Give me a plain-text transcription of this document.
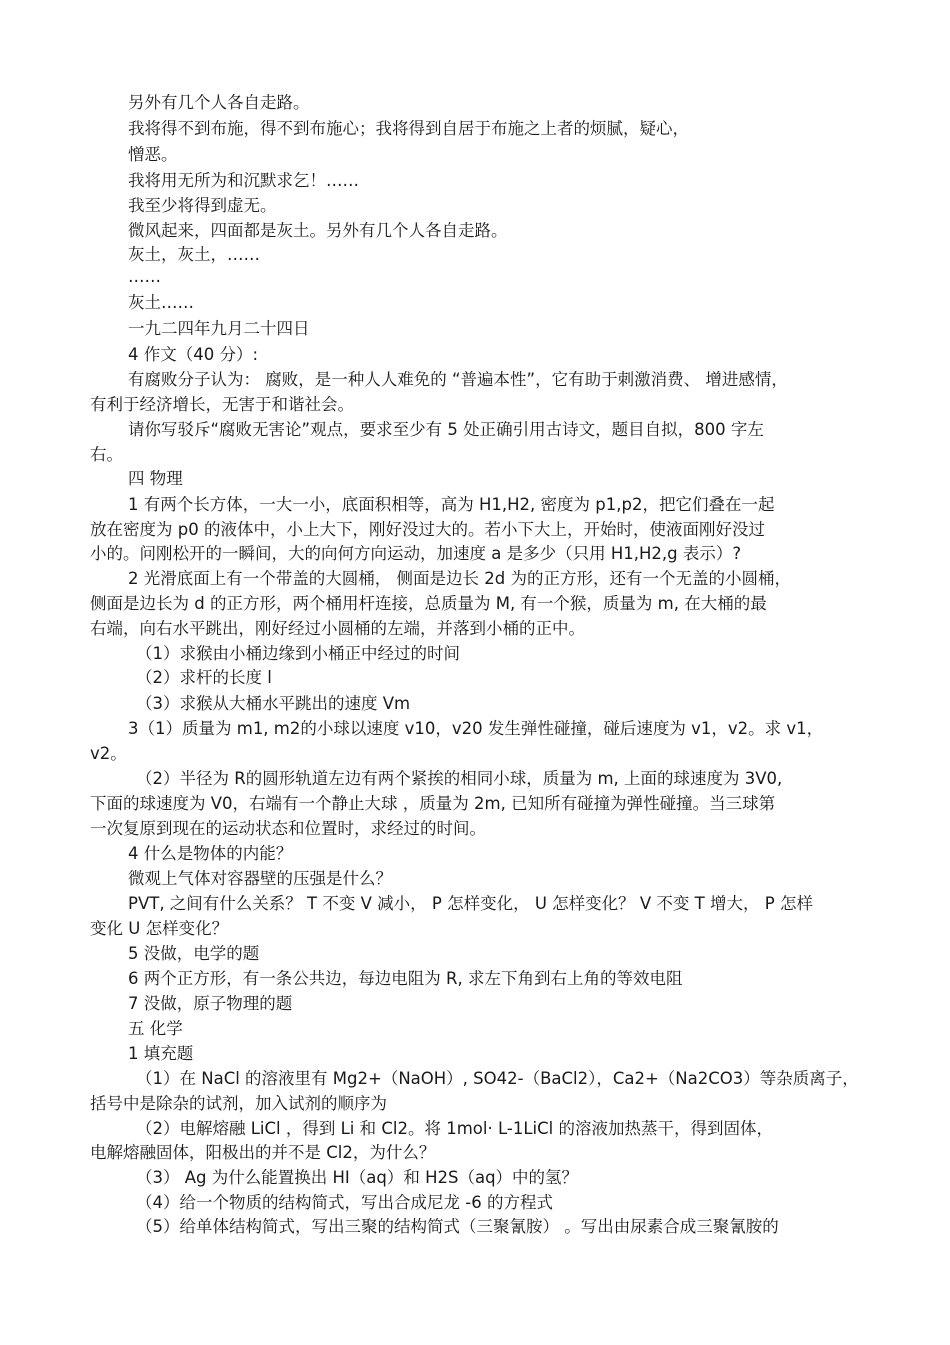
另外有几个人各自走路。
我将得不到布施，得不到布施心；我将得到自居于布施之上者的烦腻，疑心，
憎恶。
我将用无所为和沉默求乞！……
我至少将得到虚无。
微风起来，四面都是灰土。另外有几个人各自走路。
灰土，灰土，……
……
灰土……
一九二四年九月二十四日
4 作文（40 分）:
有腐败分子认为： 腐败，是一种人人难免的 “普遍本性”，它有助于刺激消费、 增进感情，
有利于经济增长，无害于和谐社会。
请你写驳斥“腐败无害论”观点，要求至少有 5 处正确引用古诗文，题目自拟，800 字左
右。
四 物理
1 有两个长方体，一大一小，底面积相等，高为 H1,H2, 密度为 p1,p2，把它们叠在一起
放在密度为 p0 的液体中，小上大下，刚好没过大的。若小下大上，开始时，使液面刚好没过
小的。问刚松开的一瞬间，大的向何方向运动，加速度 a 是多少（只用 H1,H2,g 表示）?
2 光滑底面上有一个带盖的大圆桶， 侧面是边长 2d 为的正方形，还有一个无盖的小圆桶，
侧面是边长为 d 的正方形，两个桶用杆连接，总质量为 M, 有一个猴，质量为 m, 在大桶的最
右端，向右水平跳出，刚好经过小圆桶的左端，并落到小桶的正中。
（1）求猴由小桶边缘到小桶正中经过的时间
（2）求杆的长度 l
（3）求猴从大桶水平跳出的速度 Vm
3（1）质量为 m1, m2的小球以速度 v10，v20 发生弹性碰撞，碰后速度为 v1，v2。求 v1，
v2。
（2）半径为 R的圆形轨道左边有两个紧挨的相同小球，质量为 m, 上面的球速度为 3V0,
下面的球速度为 V0，右端有一个静止大球 ，质量为 2m, 已知所有碰撞为弹性碰撞。当三球第
一次复原到现在的运动状态和位置时，求经过的时间。
4 什么是物体的内能？
微观上气体对容器壁的压强是什么？
PVT, 之间有什么关系？ T 不变 V 减小， P 怎样变化， U 怎样变化？ V 不变 T 增大， P 怎样
变化 U 怎样变化？
5 没做，电学的题
6 两个正方形，有一条公共边，每边电阻为 R, 求左下角到右上角的等效电阻
7 没做，原子物理的题
五 化学
1 填充题
（1）在 NaCl 的溶液里有 Mg2+（NaOH）, SO42-（BaCl2），Ca2+（Na2CO3）等杂质离子，
括号中是除杂的试剂，加入试剂的顺序为
（2）电解熔融 LiCl ，得到 Li 和 Cl2。将 1mol· L-1LiCl 的溶液加热蒸干，得到固体，
电解熔融固体，阳极出的并不是 Cl2，为什么？
（3） Ag 为什么能置换出 HI（aq）和 H2S（aq）中的氢？
（4）给一个物质的结构简式，写出合成尼龙 -6 的方程式
（5）给单体结构简式，写出三聚的结构简式（三聚氰胺） 。写出由尿素合成三聚氰胺的
